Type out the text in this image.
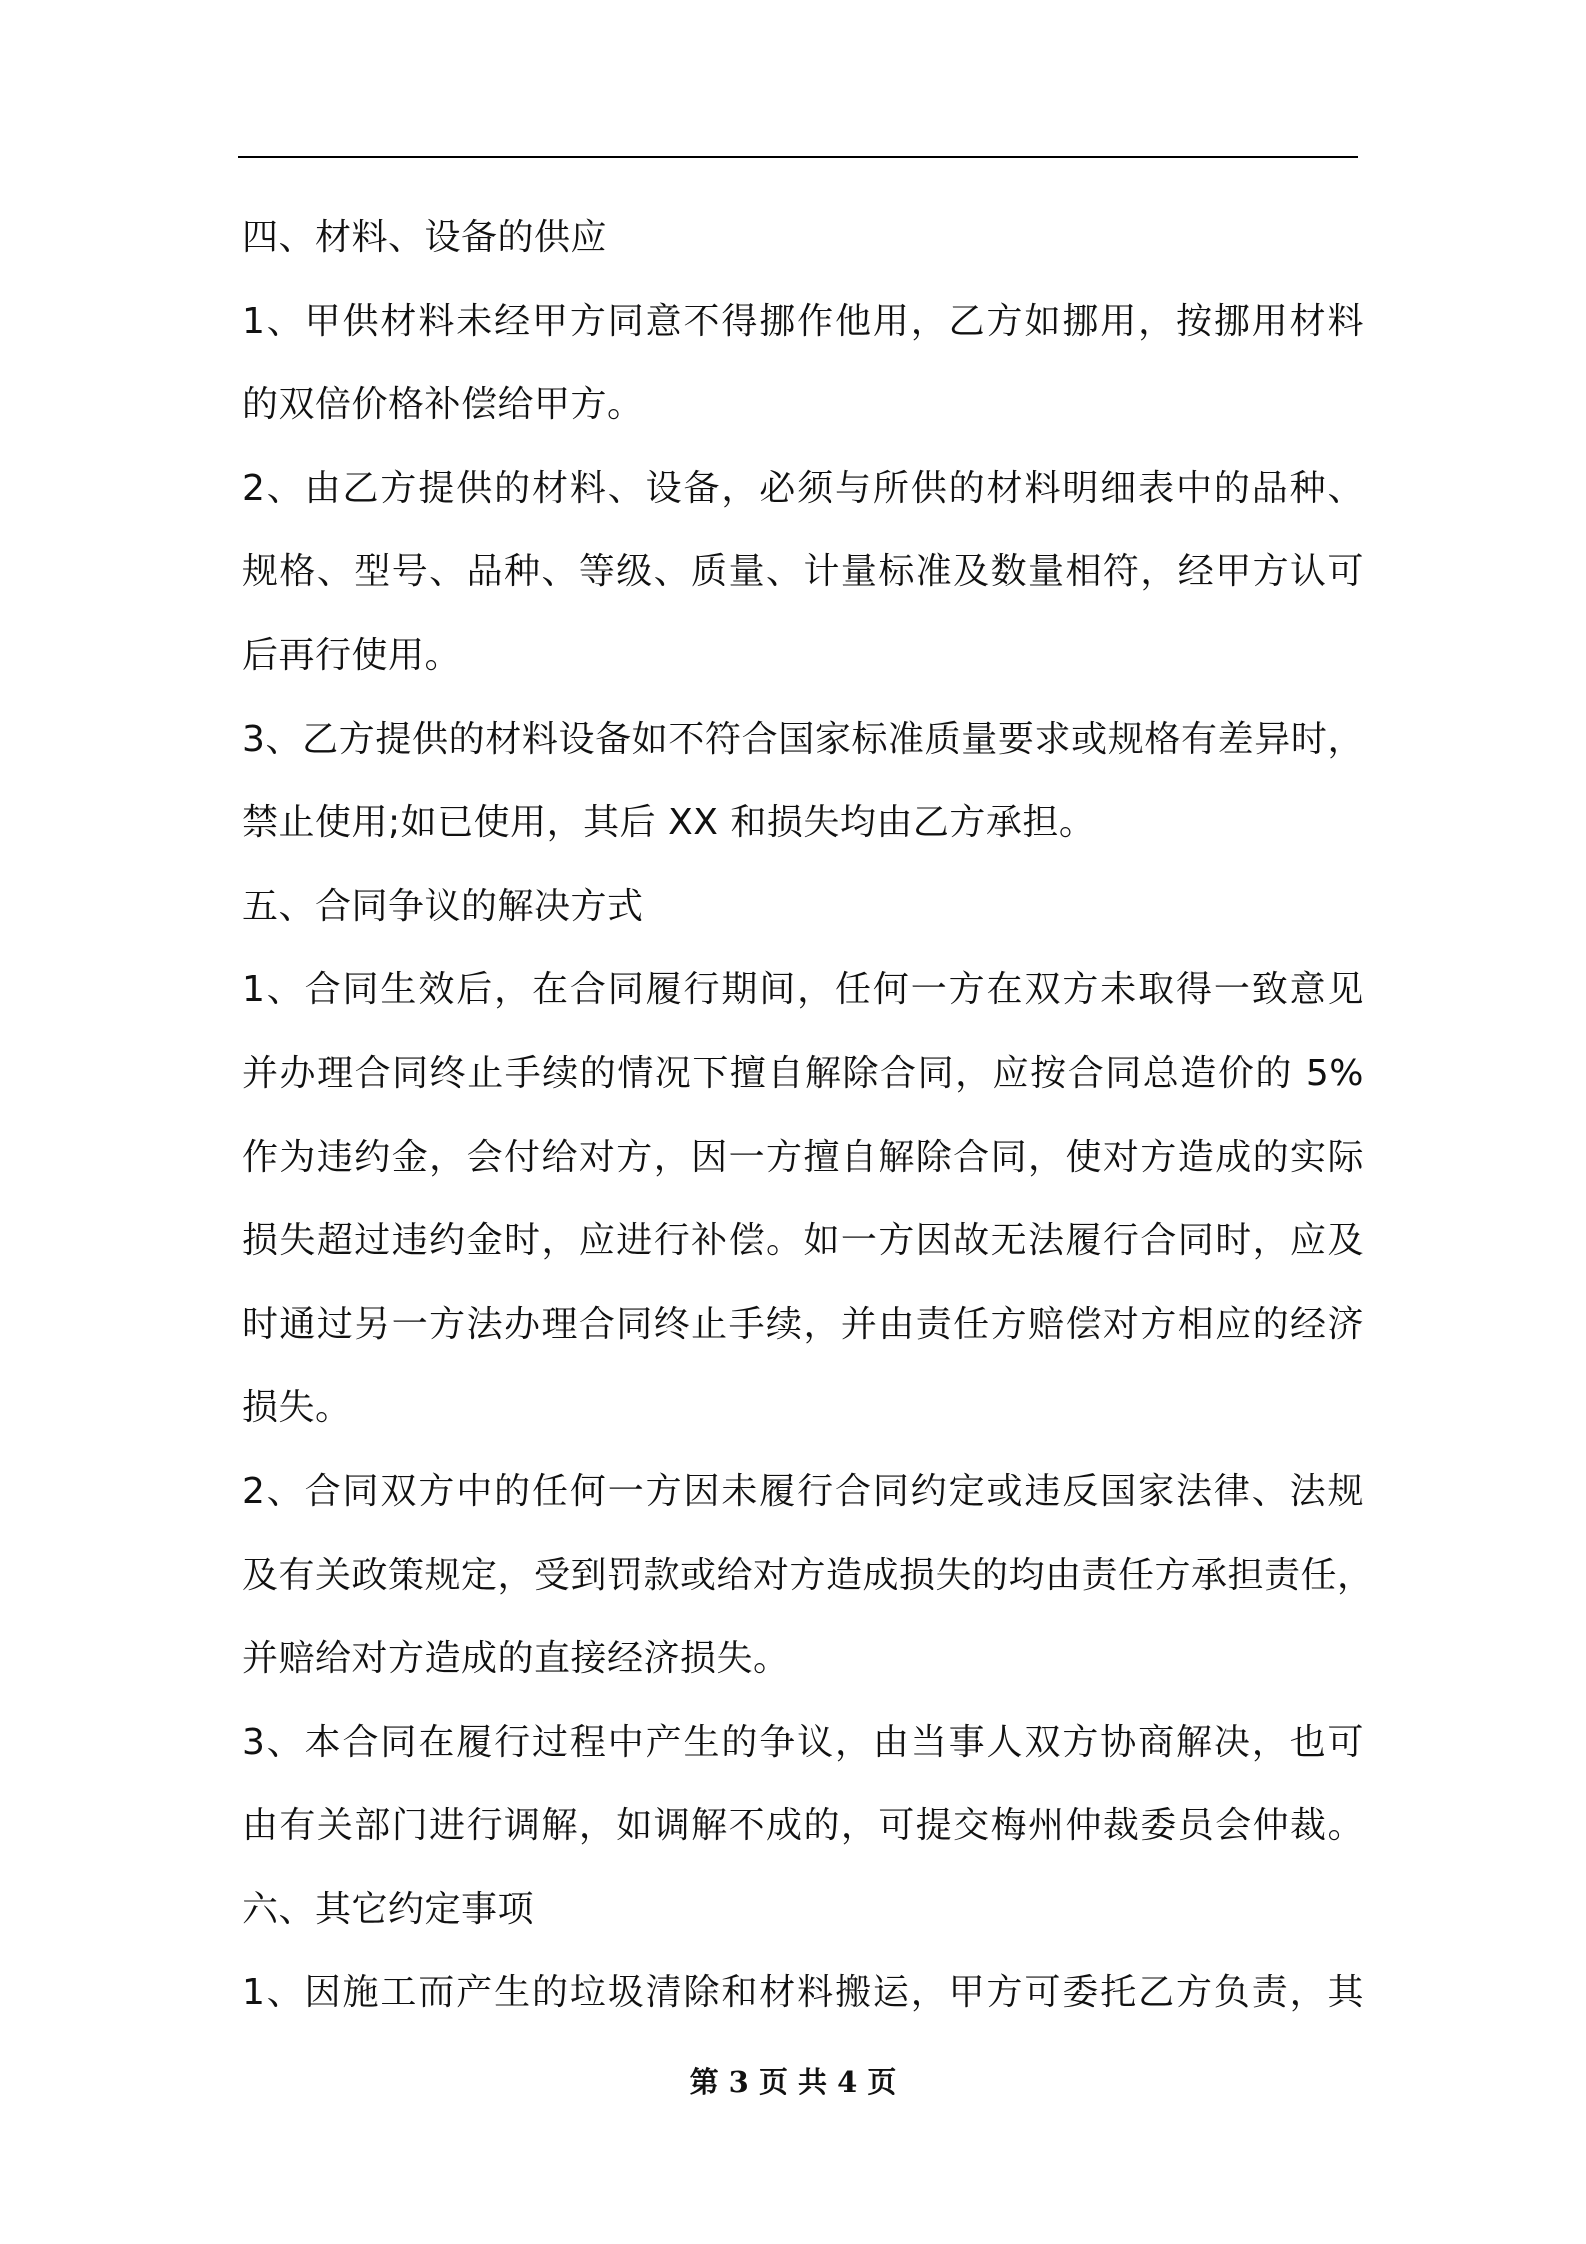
四、材料、设备的供应
1、甲供材料未经甲方同意不得挪作他用，乙方如挪用，按挪用材料
的双倍价格补偿给甲方。
2、由乙方提供的材料、设备，必须与所供的材料明细表中的品种、
规格、型号、品种、等级、质量、计量标准及数量相符，经甲方认可
后再行使用。
3、乙方提供的材料设备如不符合国家标准质量要求或规格有差异时，
禁止使用;如已使用，其后 XX 和损失均由乙方承担。
五、合同争议的解决方式
1、合同生效后，在合同履行期间，任何一方在双方未取得一致意见
并办理合同终止手续的情况下擅自解除合同，应按合同总造价的 5%
作为违约金，会付给对方，因一方擅自解除合同，使对方造成的实际
损失超过违约金时，应进行补偿。如一方因故无法履行合同时，应及
时通过另一方法办理合同终止手续，并由责任方赔偿对方相应的经济
损失。
2、合同双方中的任何一方因未履行合同约定或违反国家法律、法规
及有关政策规定，受到罚款或给对方造成损失的均由责任方承担责任，
并赔给对方造成的直接经济损失。
3、本合同在履行过程中产生的争议，由当事人双方协商解决，也可
由有关部门进行调解，如调解不成的，可提交梅州仲裁委员会仲裁。
六、其它约定事项
1、因施工而产生的垃圾清除和材料搬运，甲方可委托乙方负责，其
第 3 页 共 4 页
